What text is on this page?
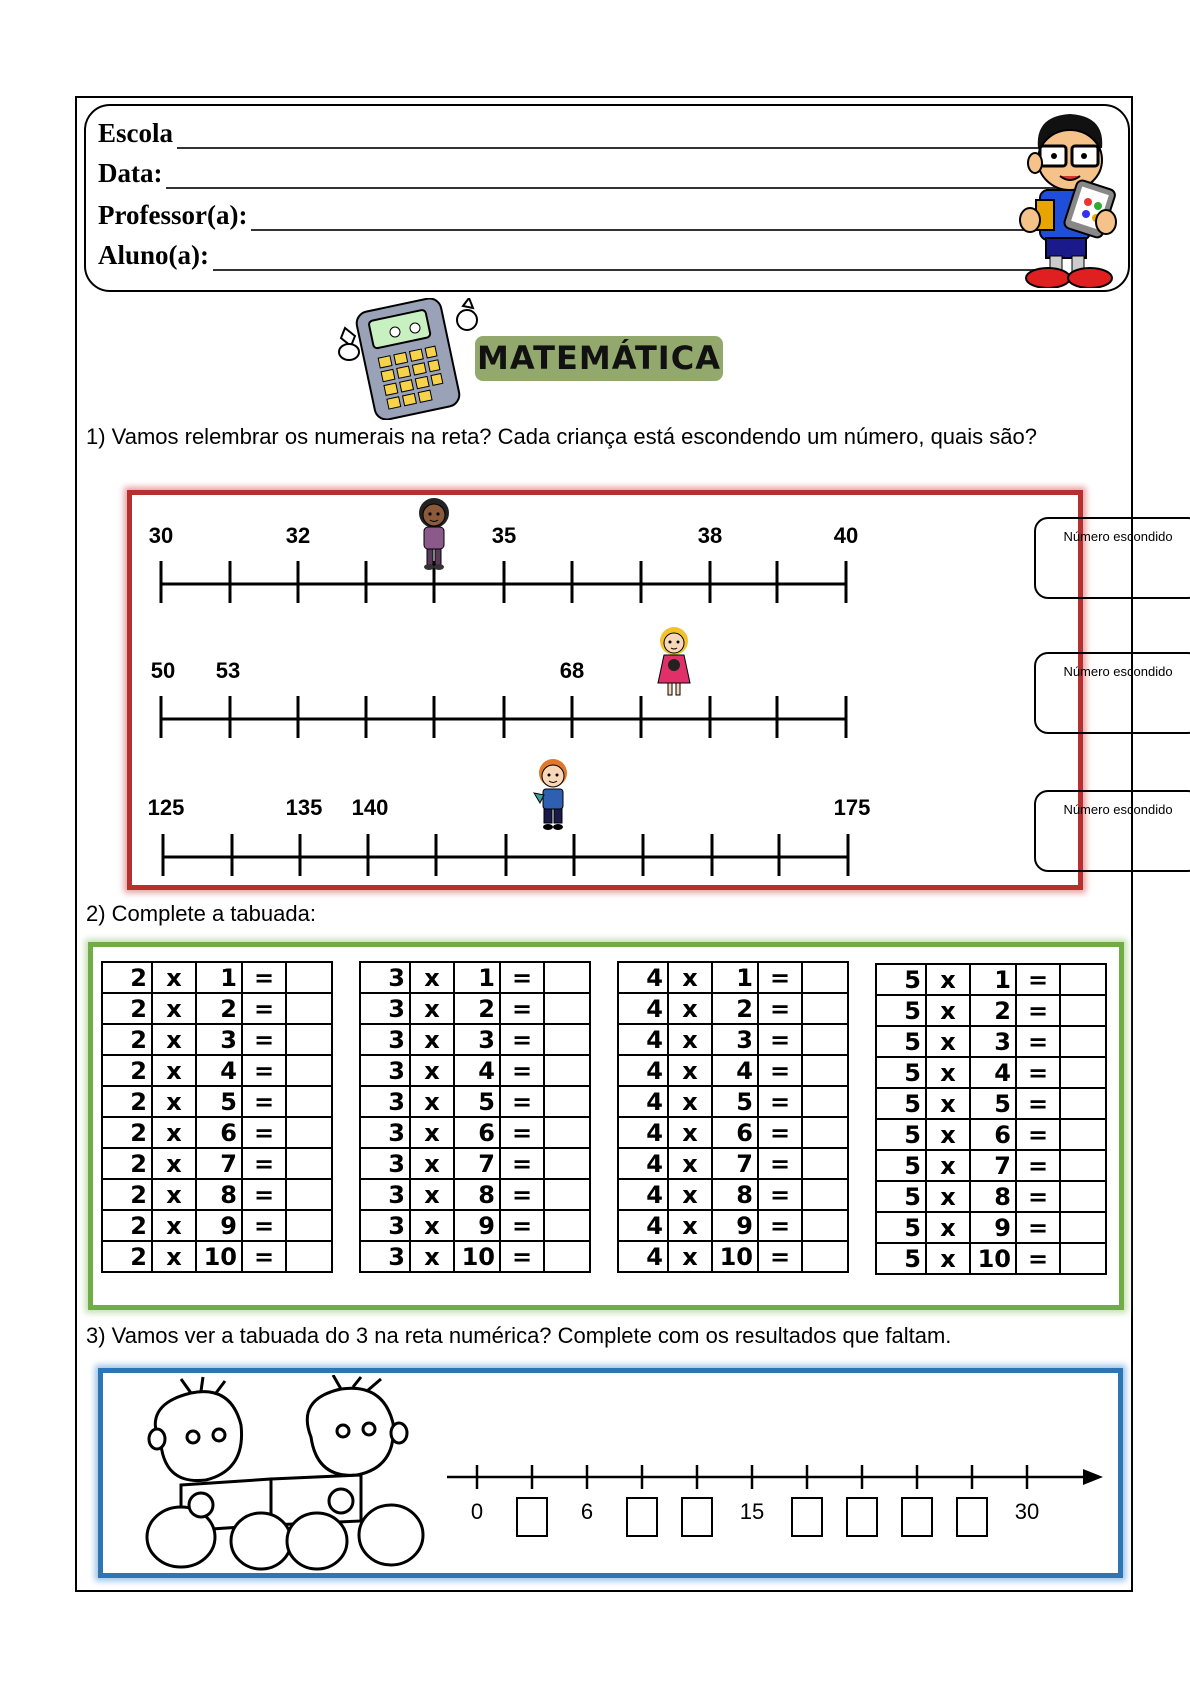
Escola
Data:
Professor(a):
Aluno(a):
MATEMÁTICA
1) Vamos relembrar os numerais na reta? Cada criança está escondendo um número, quais são?
30	32	35	38	40
50 53	68
125	135 140	175
Número escondido
Número escondido
Número escondido
2) Complete a tabuada:
2	x	1	=	
2	x	2	=	
2	x	3	=	
2	x	4	=	
2	x	5	=	
2	x	6	=	
2	x	7	=	
2	x	8	=	
2	x	9	=	
2	x	10	=	
3	x	1	=	
3	x	2	=	
3	x	3	=	
3	x	4	=	
3	x	5	=	
3	x	6	=	
3	x	7	=	
3	x	8	=	
3	x	9	=	
3	x	10	=	
4	x	1	=	
4	x	2	=	
4	x	3	=	
4	x	4	=	
4	x	5	=	
4	x	6	=	
4	x	7	=	
4	x	8	=	
4	x	9	=	
4	x	10	=	
5	x	1	=	
5	x	2	=	
5	x	3	=	
5	x	4	=	
5	x	5	=	
5	x	6	=	
5	x	7	=	
5	x	8	=	
5	x	9	=	
5	x	10	=	
3) Vamos ver a tabuada do 3 na reta numérica? Complete com os resultados que faltam.
0	6	15	30
